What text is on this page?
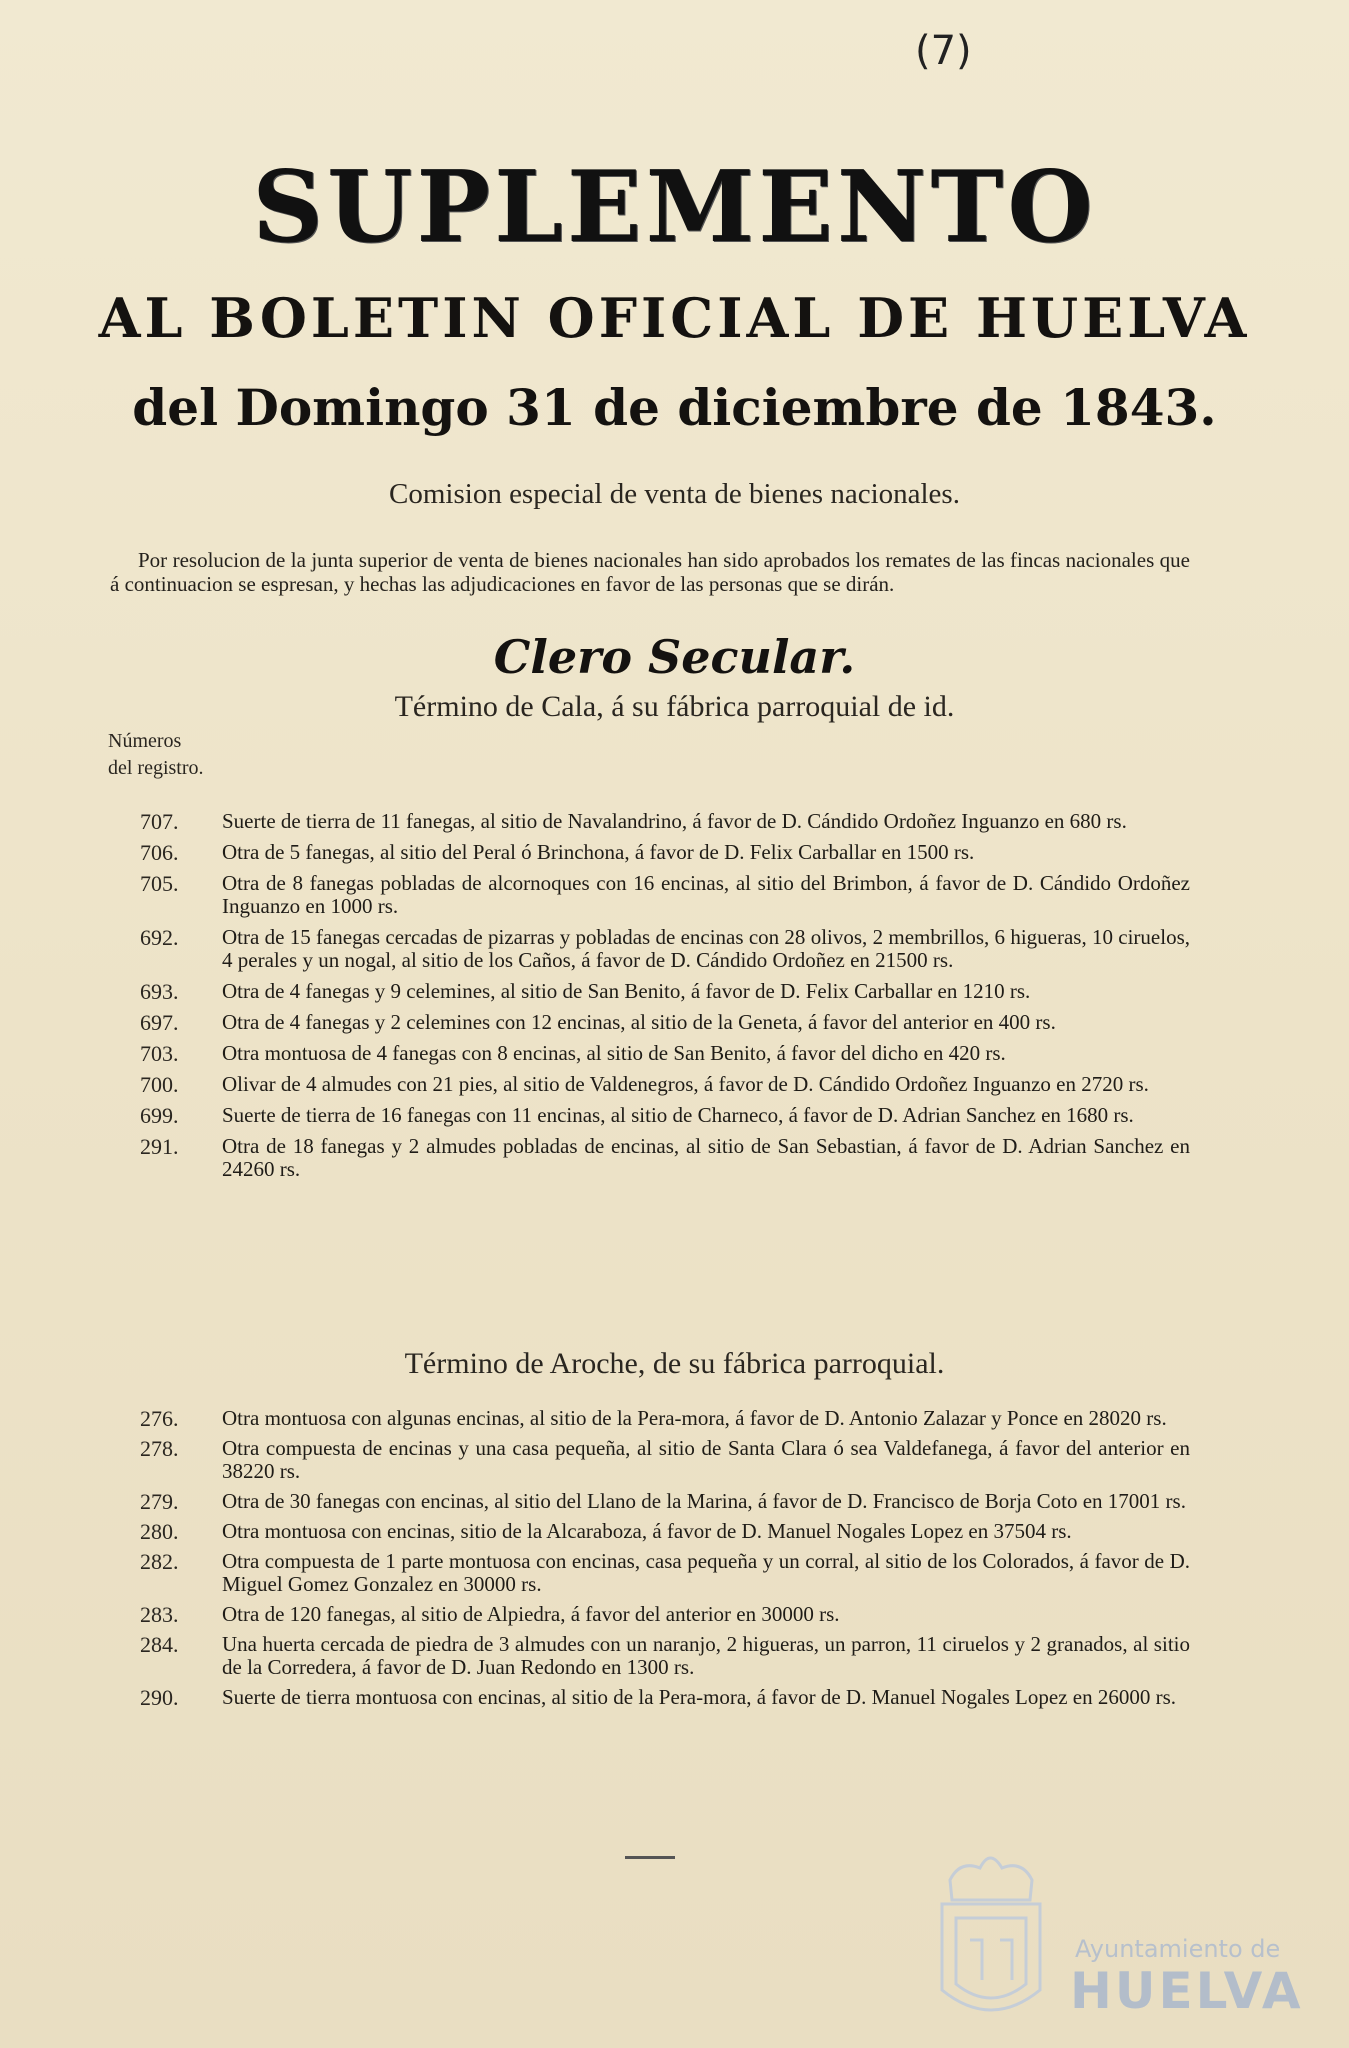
(7)
SUPLEMENTO
AL BOLETIN OFICIAL DE HUELVA
del Domingo 31 de diciembre de 1843.
Comision especial de venta de bienes nacionales.
Por resolucion de la junta superior de venta de bienes nacionales han sido aprobados los remates de las fincas nacionales que á continuacion se espresan, y hechas las adjudicaciones en favor de las personas que se dirán.
Clero Secular.
Término de Cala, á su fábrica parroquial de id.
Números
del registro.
707.	Suerte de tierra de 11 fanegas, al sitio de Navalandrino, á favor de D. Cándido Ordoñez Inguanzo en 680 rs.
706.	Otra de 5 fanegas, al sitio del Peral ó Brinchona, á favor de D. Felix Carballar en 1500 rs.
705.	Otra de 8 fanegas pobladas de alcornoques con 16 encinas, al sitio del Brimbon, á favor de D. Cándido Ordoñez Inguanzo en 1000 rs.
692.	Otra de 15 fanegas cercadas de pizarras y pobladas de encinas con 28 olivos, 2 membrillos, 6 higueras, 10 ciruelos, 4 perales y un nogal, al sitio de los Caños, á favor de D. Cándido Ordoñez en 21500 rs.
693.	Otra de 4 fanegas y 9 celemines, al sitio de San Benito, á favor de D. Felix Carballar en 1210 rs.
697.	Otra de 4 fanegas y 2 celemines con 12 encinas, al sitio de la Geneta, á favor del anterior en 400 rs.
703.	Otra montuosa de 4 fanegas con 8 encinas, al sitio de San Benito, á favor del dicho en 420 rs.
700.	Olivar de 4 almudes con 21 pies, al sitio de Valdenegros, á favor de D. Cándido Ordoñez Inguanzo en 2720 rs.
699.	Suerte de tierra de 16 fanegas con 11 encinas, al sitio de Charneco, á favor de D. Adrian Sanchez en 1680 rs.
291.	Otra de 18 fanegas y 2 almudes pobladas de encinas, al sitio de San Sebastian, á favor de D. Adrian Sanchez en 24260 rs.
Término de Aroche, de su fábrica parroquial.
276.	Otra montuosa con algunas encinas, al sitio de la Pera-mora, á favor de D. Antonio Zalazar y Ponce en 28020 rs.
278.	Otra compuesta de encinas y una casa pequeña, al sitio de Santa Clara ó sea Valdefanega, á favor del anterior en 38220 rs.
279.	Otra de 30 fanegas con encinas, al sitio del Llano de la Marina, á favor de D. Francisco de Borja Coto en 17001 rs.
280.	Otra montuosa con encinas, sitio de la Alcaraboza, á favor de D. Manuel Nogales Lopez en 37504 rs.
282.	Otra compuesta de 1 parte montuosa con encinas, casa pequeña y un corral, al sitio de los Colorados, á favor de D. Miguel Gomez Gonzalez en 30000 rs.
283.	Otra de 120 fanegas, al sitio de Alpiedra, á favor del anterior en 30000 rs.
284.	Una huerta cercada de piedra de 3 almudes con un naranjo, 2 higueras, un parron, 11 ciruelos y 2 granados, al sitio de la Corredera, á favor de D. Juan Redondo en 1300 rs.
290.	Suerte de tierra montuosa con encinas, al sitio de la Pera-mora, á favor de D. Manuel Nogales Lopez en 26000 rs.
Ayuntamiento de
HUELVA
